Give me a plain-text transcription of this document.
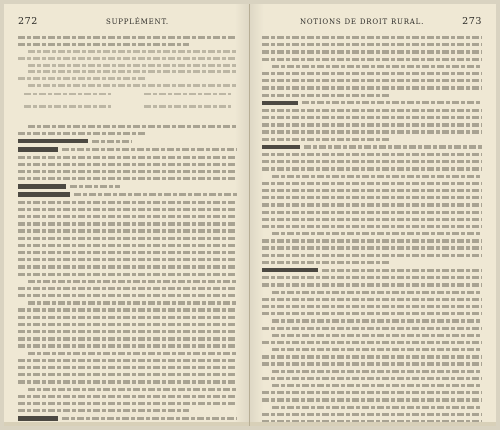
272	SUPPLÉMENT.	NOTIONS DE DROIT RURAL.	273
